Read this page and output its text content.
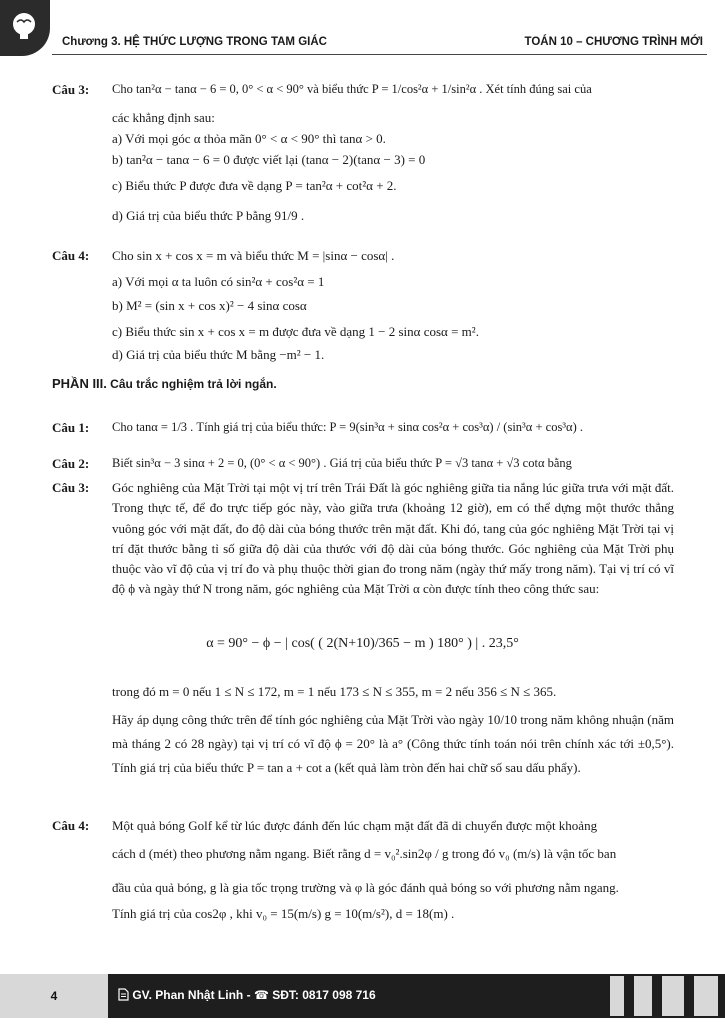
Chương 3. HỆ THỨC LƯỢNG TRONG TAM GIÁC	TOÁN 10 – CHƯƠNG TRÌNH MỚI
Câu 3: Cho tan²α − tanα − 6 = 0, 0° < α < 90° và biểu thức P = 1/cos²α + 1/sin²α . Xét tính đúng sai của
các khẳng định sau:
a) Với mọi góc α thỏa mãn 0° < α < 90° thì tanα > 0.
b) tan²α − tanα − 6 = 0 được viết lại (tanα − 2)(tanα − 3) = 0
c) Biểu thức P được đưa về dạng P = tan²α + cot²α + 2.
d) Giá trị của biểu thức P bằng 91/9 .
Câu 4: Cho sin x + cos x = m và biểu thức M = |sinα − cosα| .
a) Với mọi α ta luôn có sin²α + cos²α = 1
b) M² = (sin x + cos x)² − 4 sinα cosα
c) Biểu thức sin x + cos x = m được đưa về dạng 1 − 2 sinα cosα = m².
d) Giá trị của biểu thức M bằng −m² − 1.
PHẦN III. Câu trắc nghiệm trả lời ngắn.
Câu 1: Cho tanα = 1/3 . Tính giá trị của biểu thức: P = 9(sin³α + sinα cos²α + cos³α) / (sin³α + cos³α) .
Câu 2: Biết sin³α − 3 sinα + 2 = 0, (0° < α < 90°) . Giá trị của biểu thức P = √3 tanα + √3 cotα bằng
Câu 3: Góc nghiêng của Mặt Trời tại một vị trí trên Trái Đất là góc nghiêng giữa tia nắng lúc giữa trưa với mặt đất. Trong thực tế, để đo trực tiếp góc này, vào giữa trưa (khoảng 12 giờ), em có thể dựng một thước thẳng vuông góc với mặt đất, đo độ dài của bóng thước trên mặt đất. Khi đó, tang của góc nghiêng Mặt Trời tại vị trí đặt thước bằng tỉ số giữa độ dài của thước với độ dài của bóng thước. Góc nghiêng của Mặt Trời phụ thuộc vào vĩ độ của vị trí đo và phụ thuộc thời gian đo trong năm (ngày thứ mấy trong năm). Tại vị trí có vĩ độ ϕ và ngày thứ N trong năm, góc nghiêng của Mặt Trời α còn được tính theo công thức sau:
α = 90° − ϕ − | cos( ( 2(N+10)/365 − m ) 180° ) | . 23,5°
trong đó m = 0 nếu 1 ≤ N ≤ 172, m = 1 nếu 173 ≤ N ≤ 355, m = 2 nếu 356 ≤ N ≤ 365.
Hãy áp dụng công thức trên để tính góc nghiêng của Mặt Trời vào ngày 10/10 trong năm không nhuận (năm mà tháng 2 có 28 ngày) tại vị trí có vĩ độ ϕ = 20° là a° (Công thức tính toán nói trên chính xác tới ±0,5°). Tính giá trị của biểu thức P = tan a + cot a (kết quả làm tròn đến hai chữ số sau dấu phẩy).
Câu 4: Một quả bóng Golf kể từ lúc được đánh đến lúc chạm mặt đất đã di chuyển được một khoảng
cách d (mét) theo phương nằm ngang. Biết rằng d = v₀².sin2φ / g trong đó v₀ (m/s) là vận tốc ban
đầu của quả bóng, g là gia tốc trọng trường và φ là góc đánh quả bóng so với phương nằm ngang.
Tính giá trị của cos2φ , khi v₀ = 15(m/s) g = 10(m/s²), d = 18(m) .
4	GV. Phan Nhật Linh - ☎ SĐT: 0817 098 716
